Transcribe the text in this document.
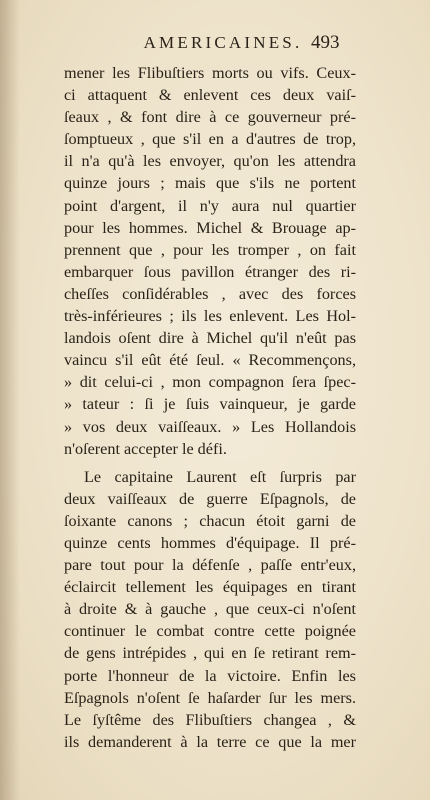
AMERICAINES. 493
mener les Flibuſtiers morts ou vifs. Ceux-
ci attaquent & enlevent ces deux vaiſ-
ſeaux , & font dire à ce gouverneur pré-
ſomptueux , que s'il en a d'autres de trop,
il n'a qu'à les envoyer, qu'on les attendra
quinze jours ; mais que s'ils ne portent
point d'argent, il n'y aura nul quartier
pour les hommes. Michel & Brouage ap-
prennent que , pour les tromper , on fait
embarquer ſous pavillon étranger des ri-
cheſſes conſidérables , avec des forces
très-inférieures ; ils les enlevent. Les Hol-
landois oſent dire à Michel qu'il n'eût pas
vaincu s'il eût été ſeul. « Recommençons,
» dit celui-ci , mon compagnon ſera ſpec-
» tateur : ſi je ſuis vainqueur, je garde
» vos deux vaiſſeaux. » Les Hollandois
n'oſerent accepter le défi.
Le capitaine Laurent eſt ſurpris par
deux vaiſſeaux de guerre Eſpagnols, de
ſoixante canons ; chacun étoit garni de
quinze cents hommes d'équipage. Il pré-
pare tout pour la défenſe , paſſe entr'eux,
éclaircit tellement les équipages en tirant
à droite & à gauche , que ceux-ci n'oſent
continuer le combat contre cette poignée
de gens intrépides , qui en ſe retirant rem-
porte l'honneur de la victoire. Enfin les
Eſpagnols n'oſent ſe haſarder ſur les mers.
Le ſyſtême des Flibuſtiers changea , &
ils demanderent à la terre ce que la mer
